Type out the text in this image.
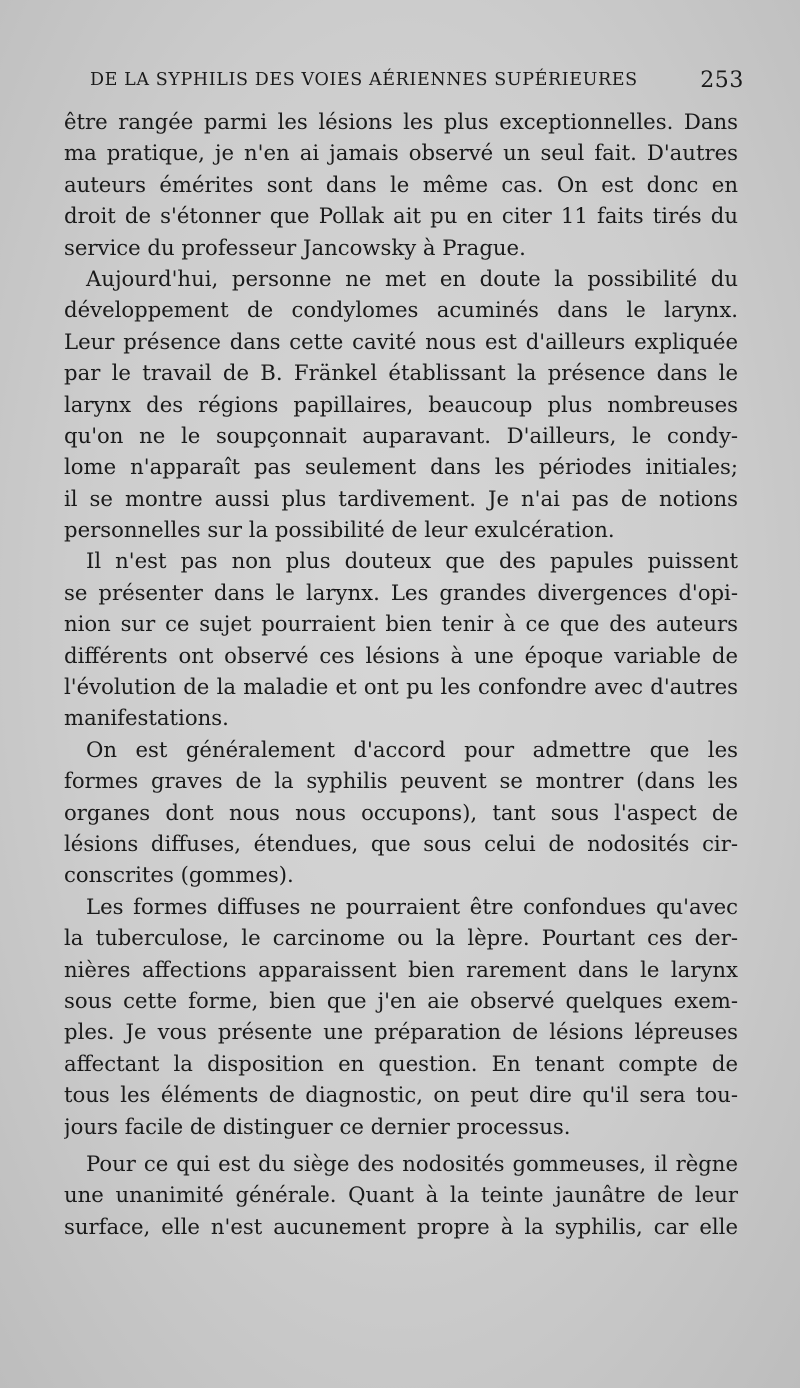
DE LA SYPHILIS DES VOIES AÉRIENNES SUPÉRIEURES	253
être rangée parmi les lésions les plus exceptionnelles. Dans
ma pratique, je n'en ai jamais observé un seul fait. D'autres
auteurs émérites sont dans le même cas. On est donc en
droit de s'étonner que Pollak ait pu en citer 11 faits tirés du
service du professeur Jancowsky à Prague.
Aujourd'hui, personne ne met en doute la possibilité du
développement de condylomes acuminés dans le larynx.
Leur présence dans cette cavité nous est d'ailleurs expliquée
par le travail de B. Fränkel établissant la présence dans le
larynx des régions papillaires, beaucoup plus nombreuses
qu'on ne le soupçonnait auparavant. D'ailleurs, le condy-
lome n'apparaît pas seulement dans les périodes initiales;
il se montre aussi plus tardivement. Je n'ai pas de notions
personnelles sur la possibilité de leur exulcération.
Il n'est pas non plus douteux que des papules puissent
se présenter dans le larynx. Les grandes divergences d'opi-
nion sur ce sujet pourraient bien tenir à ce que des auteurs
différents ont observé ces lésions à une époque variable de
l'évolution de la maladie et ont pu les confondre avec d'autres
manifestations.
On est généralement d'accord pour admettre que les
formes graves de la syphilis peuvent se montrer (dans les
organes dont nous nous occupons), tant sous l'aspect de
lésions diffuses, étendues, que sous celui de nodosités cir-
conscrites (gommes).
Les formes diffuses ne pourraient être confondues qu'avec
la tuberculose, le carcinome ou la lèpre. Pourtant ces der-
nières affections apparaissent bien rarement dans le larynx
sous cette forme, bien que j'en aie observé quelques exem-
ples. Je vous présente une préparation de lésions lépreuses
affectant la disposition en question. En tenant compte de
tous les éléments de diagnostic, on peut dire qu'il sera tou-
jours facile de distinguer ce dernier processus.
Pour ce qui est du siège des nodosités gommeuses, il règne
une unanimité générale. Quant à la teinte jaunâtre de leur
surface, elle n'est aucunement propre à la syphilis, car elle
